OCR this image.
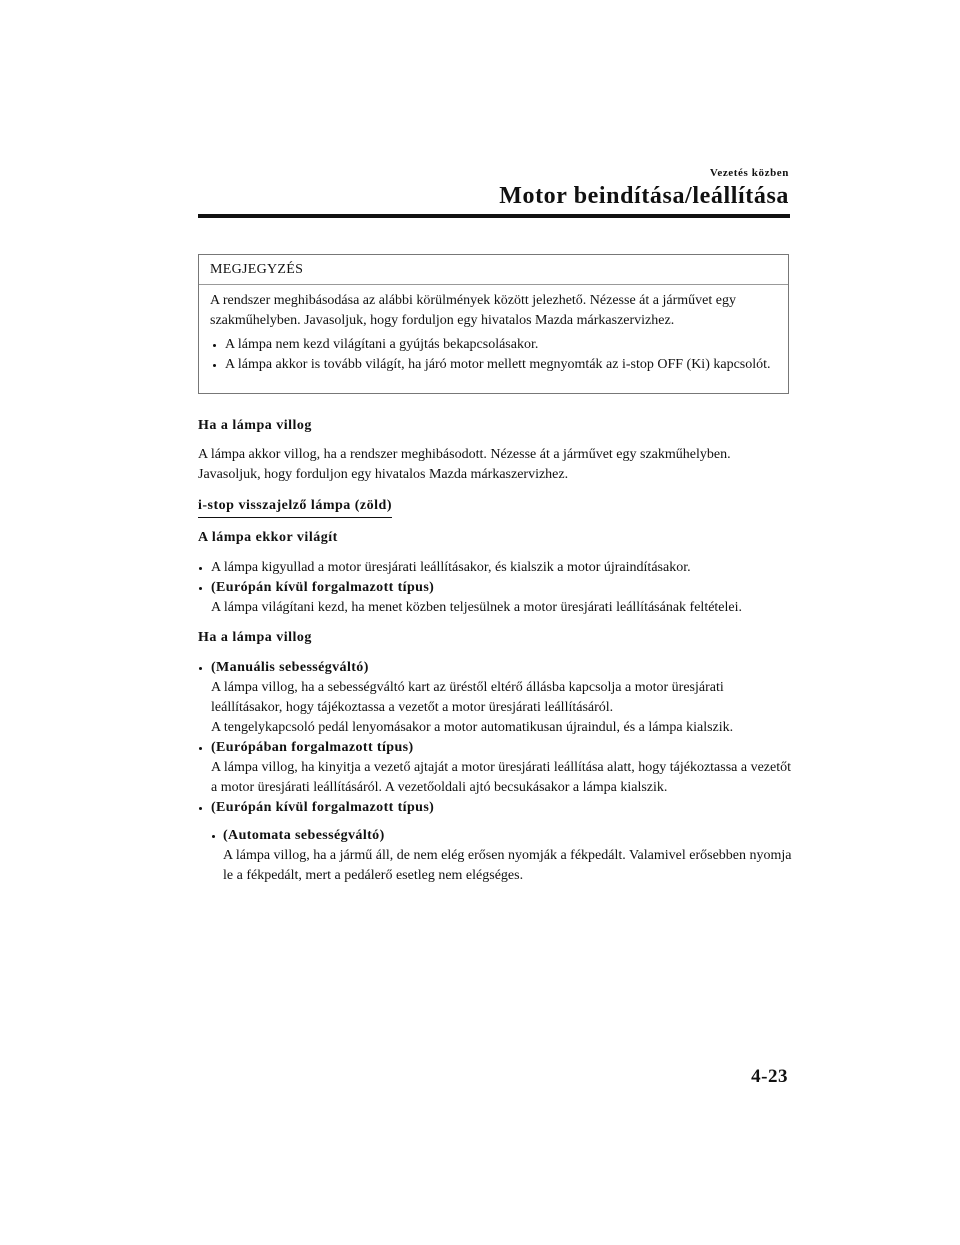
Vezetés közben
Motor beindítása/leállítása
MEGJEGYZÉS

A rendszer meghibásodása az alábbi körülmények között jelezhető. Nézesse át a járművet egy szakműhelyben. Javasoljuk, hogy forduljon egy hivatalos Mazda márkaszervizhez.

A lámpa nem kezd világítani a gyújtás bekapcsolásakor.
A lámpa akkor is tovább világít, ha járó motor mellett megnyomták az i-stop OFF (Ki) kapcsolót.

Ha a lámpa villog

A lámpa akkor villog, ha a rendszer meghibásodott. Nézesse át a járművet egy szakműhelyben. Javasoljuk, hogy forduljon egy hivatalos Mazda márkaszervizhez.

i-stop visszajelző lámpa (zöld)

A lámpa ekkor világít

A lámpa kigyullad a motor üresjárati leállításakor, és kialszik a motor újraindításakor.
(Európán kívül forgalmazott típus)
A lámpa világítani kezd, ha menet közben teljesülnek a motor üresjárati leállításának feltételei.

Ha a lámpa villog

(Manuális sebességváltó)
A lámpa villog, ha a sebességváltó kart az üréstől eltérő állásba kapcsolja a motor üresjárati leállításakor, hogy tájékoztassa a vezetőt a motor üresjárati leállításáról.
A tengelykapcsoló pedál lenyomásakor a motor automatikusan újraindul, és a lámpa kialszik.
(Európában forgalmazott típus)
A lámpa villog, ha kinyitja a vezető ajtaját a motor üresjárati leállítása alatt, hogy tájékoztassa a vezetőt a motor üresjárati leállításáról. A vezetőoldali ajtó becsukásakor a lámpa kialszik.
(Európán kívül forgalmazott típus)
(Automata sebességváltó)
A lámpa villog, ha a jármű áll, de nem elég erősen nyomják a fékpedált. Valamivel erősebben nyomja le a fékpedált, mert a pedálerő esetleg nem elégséges.
4-23
